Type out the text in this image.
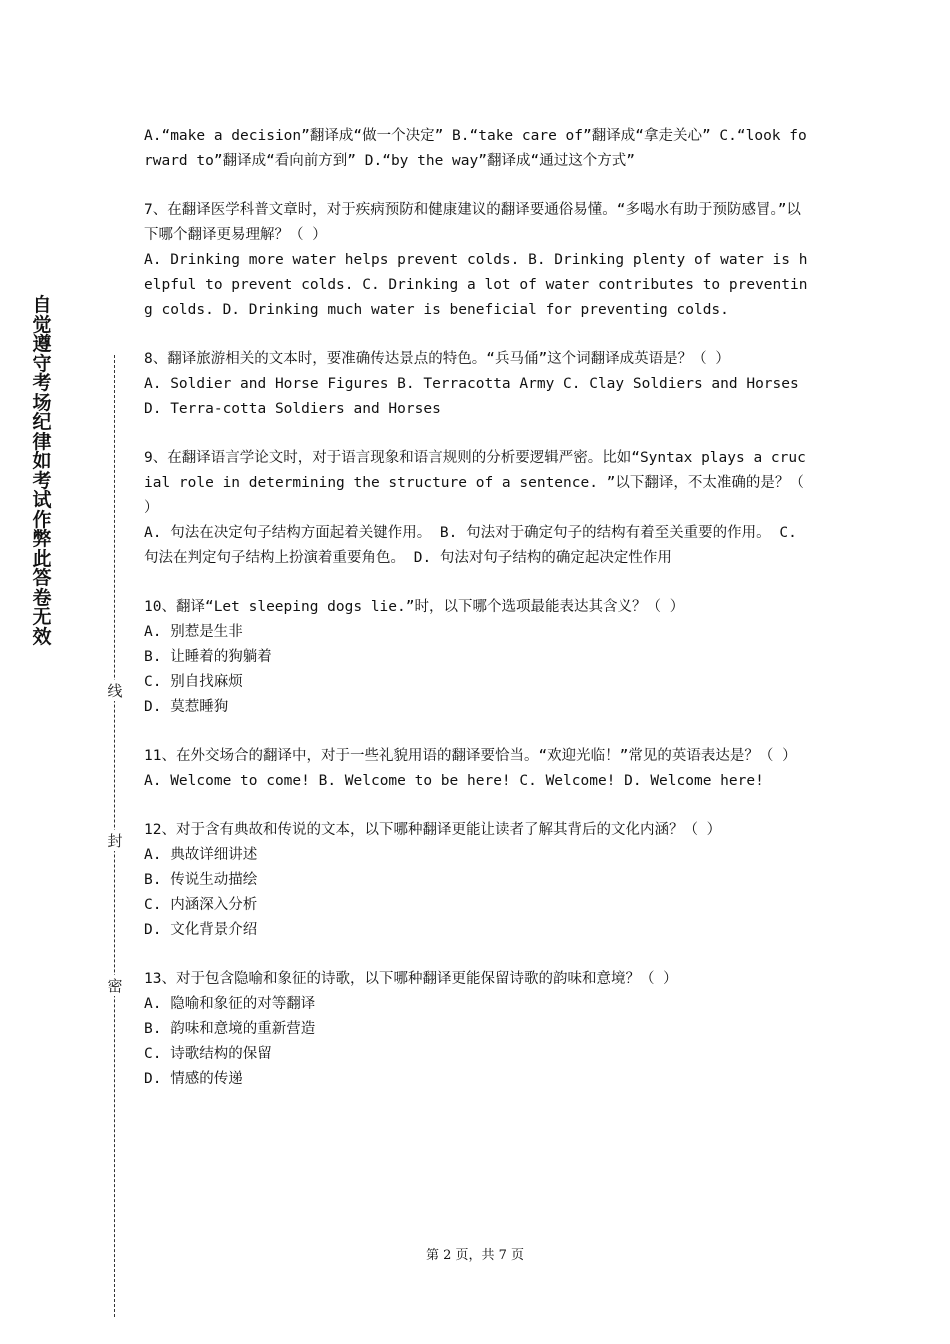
自
觉
遵
守
考
场
纪
律
如
考
试
作
弊
此
答
卷
无
效
线
封
密

A.“make a decision”翻译成“做一个决定” B.“take care of”翻译成“拿走关心” C.“look forward to”翻译成“看向前方到” D.“by the way”翻译成“通过这个方式”

7、在翻译医学科普文章时，对于疾病预防和健康建议的翻译要通俗易懂。“多喝水有助于预防感冒。”以下哪个翻译更易理解？（ ）

A. Drinking more water helps prevent colds. B. Drinking plenty of water is helpful to prevent colds. C. Drinking a lot of water contributes to preventing colds. D. Drinking much water is beneficial for preventing colds.

8、翻译旅游相关的文本时，要准确传达景点的特色。“兵马俑”这个词翻译成英语是？（ ）

A. Soldier and Horse Figures B. Terracotta Army C. Clay Soldiers and Horses D. Terra-cotta Soldiers and Horses

9、在翻译语言学论文时，对于语言现象和语言规则的分析要逻辑严密。比如“Syntax plays a crucial role in determining the structure of a sentence. ”以下翻译，不太准确的是？（ ）

A. 句法在决定句子结构方面起着关键作用。 B. 句法对于确定句子的结构有着至关重要的作用。 C. 句法在判定句子结构上扮演着重要角色。 D. 句法对句子结构的确定起决定性作用

10、翻译“Let sleeping dogs lie.”时，以下哪个选项最能表达其含义？（ ）

A. 别惹是生非

B. 让睡着的狗躺着

C. 别自找麻烦

D. 莫惹睡狗

11、在外交场合的翻译中，对于一些礼貌用语的翻译要恰当。“欢迎光临！”常见的英语表达是？（ ）

A. Welcome to come! B. Welcome to be here! C. Welcome! D. Welcome here!

12、对于含有典故和传说的文本，以下哪种翻译更能让读者了解其背后的文化内涵？（ ）

A. 典故详细讲述

B. 传说生动描绘

C. 内涵深入分析

D. 文化背景介绍

13、对于包含隐喻和象征的诗歌，以下哪种翻译更能保留诗歌的韵味和意境？（ ）

A. 隐喻和象征的对等翻译

B. 韵味和意境的重新营造

C. 诗歌结构的保留

D. 情感的传递

第 2 页，共 7 页
